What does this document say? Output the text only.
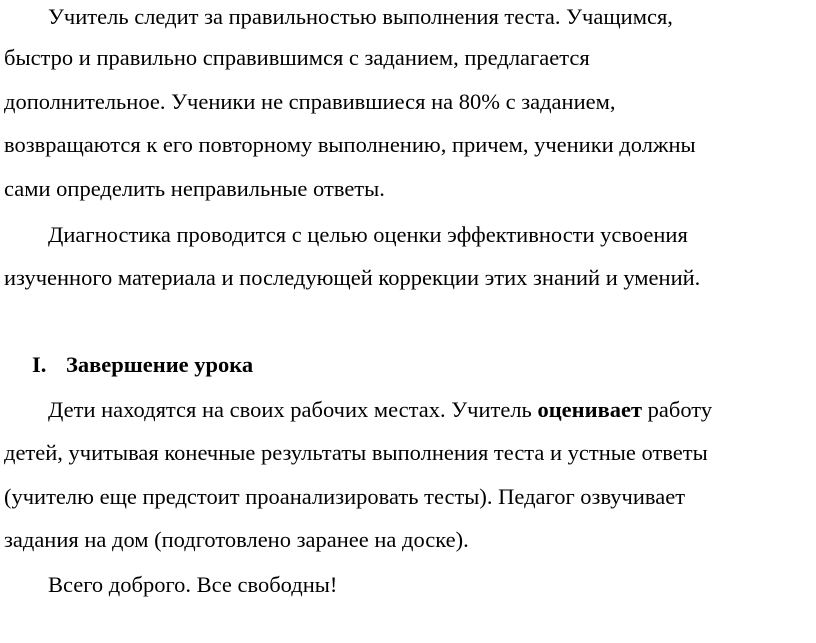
Учитель следит за правильностью выполнения теста. Учащимся,
быстро и правильно справившимся с заданием, предлагается
дополнительное. Ученики не справившиеся на 80% с заданием,
возвращаются к его повторному выполнению, причем, ученики должны
сами определить неправильные ответы.
Диагностика проводится с целью оценки эффективности усвоения
изученного материала и последующей коррекции этих знаний и умений.
I. Завершение урока
Дети находятся на своих рабочих местах. Учитель оценивает работу
детей, учитывая конечные результаты выполнения теста и устные ответы
(учителю еще предстоит проанализировать тесты). Педагог озвучивает
задания на дом (подготовлено заранее на доске).
Всего доброго. Все свободны!
